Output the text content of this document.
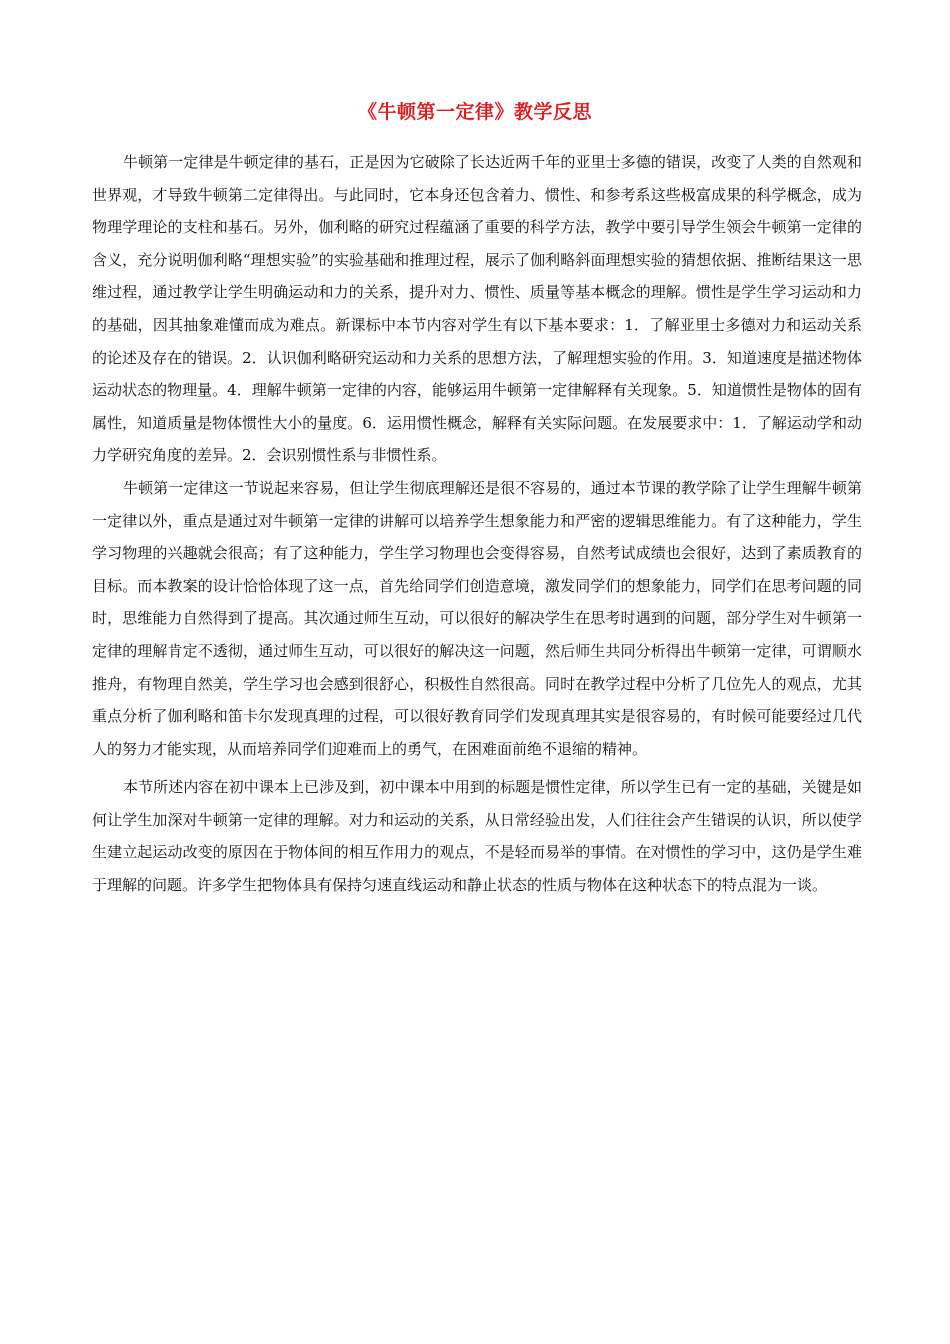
《牛顿第一定律》教学反思

牛顿第一定律是牛顿定律的基石，正是因为它破除了长达近两千年的亚里士多德的错误，改变了人类的自然观和世界观，才导致牛顿第二定律得出。与此同时，它本身还包含着力、惯性、和参考系这些极富成果的科学概念，成为物理学理论的支柱和基石。另外，伽利略的研究过程蕴涵了重要的科学方法，教学中要引导学生领会牛顿第一定律的含义，充分说明伽利略“理想实验”的实验基础和推理过程，展示了伽利略斜面理想实验的猜想依据、推断结果这一思维过程，通过教学让学生明确运动和力的关系，提升对力、惯性、质量等基本概念的理解。惯性是学生学习运动和力的基础，因其抽象难懂而成为难点。新课标中本节内容对学生有以下基本要求：1．了解亚里士多德对力和运动关系的论述及存在的错误。2．认识伽利略研究运动和力关系的思想方法，了解理想实验的作用。3．知道速度是描述物体运动状态的物理量。4．理解牛顿第一定律的内容，能够运用牛顿第一定律解释有关现象。5．知道惯性是物体的固有属性，知道质量是物体惯性大小的量度。6．运用惯性概念，解释有关实际问题。在发展要求中：1．了解运动学和动力学研究角度的差异。2．会识别惯性系与非惯性系。

牛顿第一定律这一节说起来容易，但让学生彻底理解还是很不容易的，通过本节课的教学除了让学生理解牛顿第一定律以外，重点是通过对牛顿第一定律的讲解可以培养学生想象能力和严密的逻辑思维能力。有了这种能力，学生学习物理的兴趣就会很高；有了这种能力，学生学习物理也会变得容易，自然考试成绩也会很好，达到了素质教育的目标。而本教案的设计恰恰体现了这一点，首先给同学们创造意境，激发同学们的想象能力，同学们在思考问题的同时，思维能力自然得到了提高。其次通过师生互动，可以很好的解决学生在思考时遇到的问题，部分学生对牛顿第一定律的理解肯定不透彻，通过师生互动，可以很好的解决这一问题，然后师生共同分析得出牛顿第一定律，可谓顺水推舟，有物理自然美，学生学习也会感到很舒心，积极性自然很高。同时在教学过程中分析了几位先人的观点，尤其重点分析了伽利略和笛卡尔发现真理的过程，可以很好教育同学们发现真理其实是很容易的，有时候可能要经过几代人的努力才能实现，从而培养同学们迎难而上的勇气，在困难面前绝不退缩的精神。

本节所述内容在初中课本上已涉及到，初中课本中用到的标题是惯性定律，所以学生已有一定的基础，关键是如何让学生加深对牛顿第一定律的理解。对力和运动的关系，从日常经验出发，人们往往会产生错误的认识，所以使学生建立起运动改变的原因在于物体间的相互作用力的观点，不是轻而易举的事情。在对惯性的学习中，这仍是学生难于理解的问题。许多学生把物体具有保持匀速直线运动和静止状态的性质与物体在这种状态下的特点混为一谈。
